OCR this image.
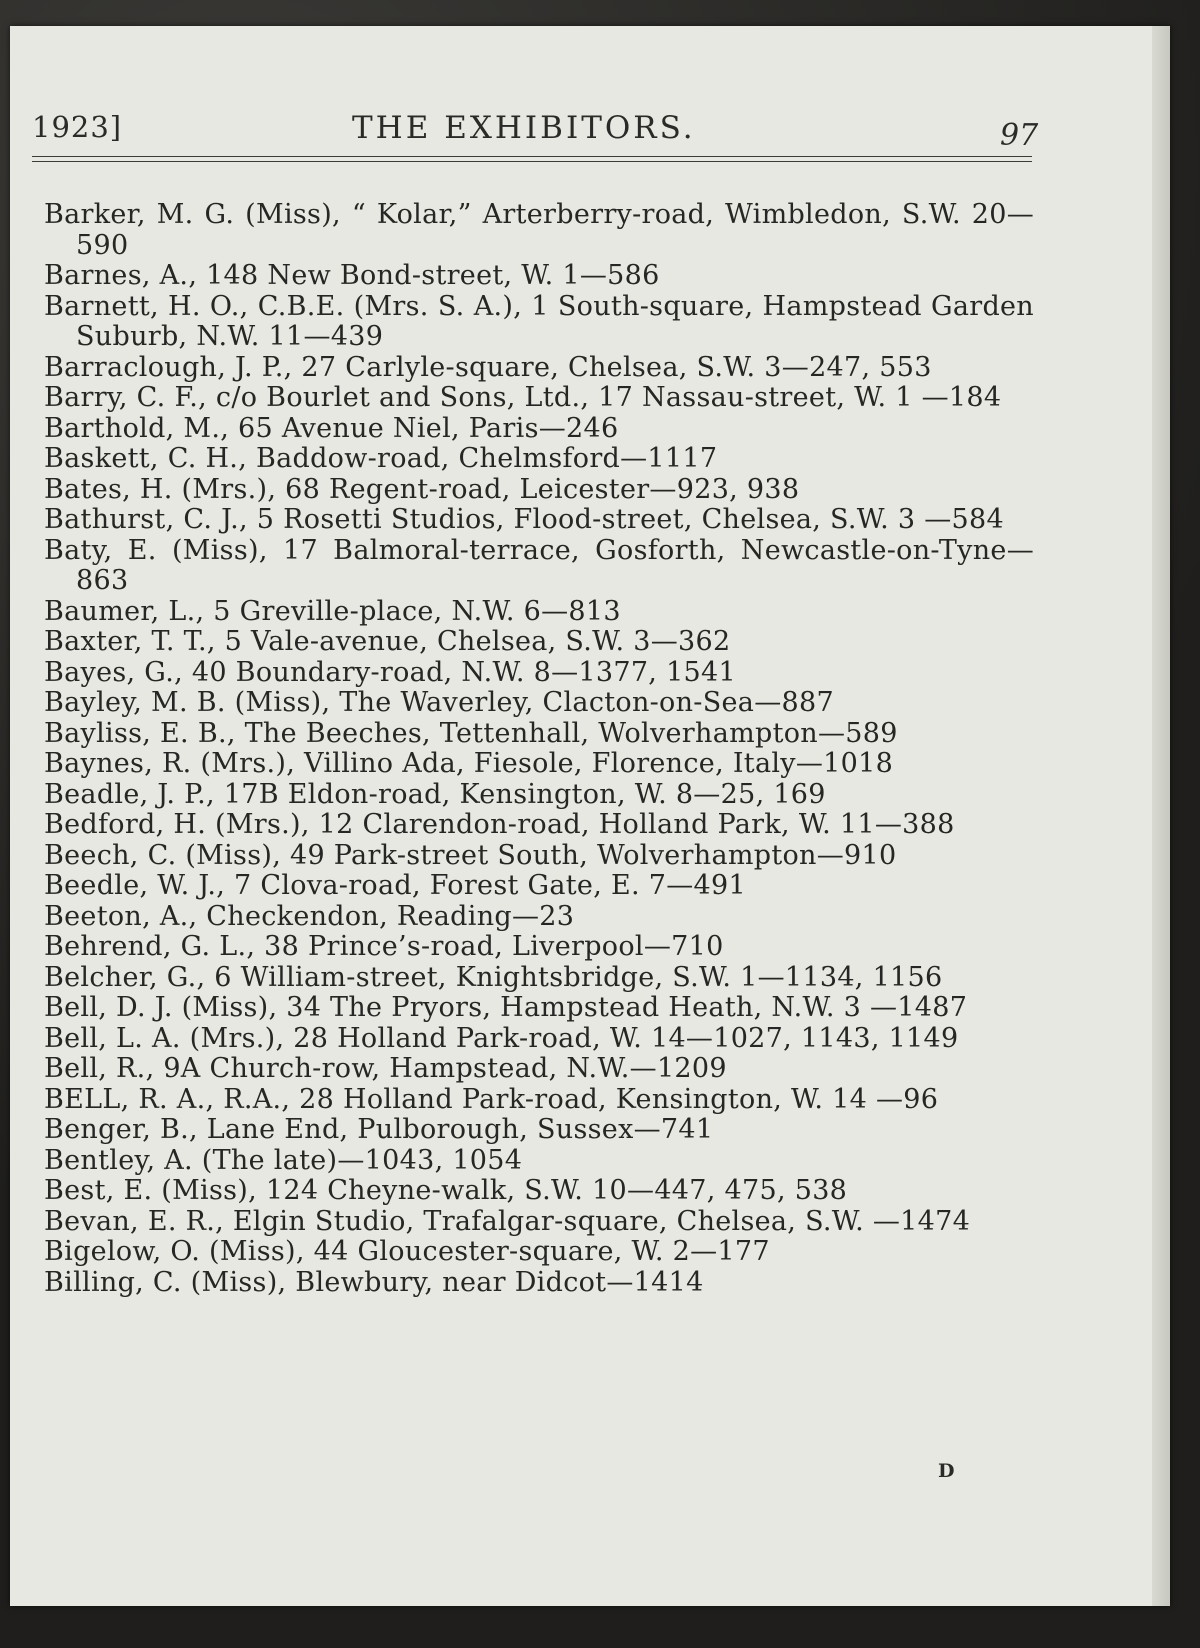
1923]	THE EXHIBITORS.	97

Barker, M. G. (Miss), “ Kolar,” Arterberry-road, Wimbledon, S.W. 20—590

Barnes, A., 148 New Bond-street, W. 1—586

Barnett, H. O., C.B.E. (Mrs. S. A.), 1 South-square, Hampstead Garden Suburb, N.W. 11—439

Barraclough, J. P., 27 Carlyle-square, Chelsea, S.W. 3—247, 553

Barry, C. F., c/o Bourlet and Sons, Ltd., 17 Nassau-street, W. 1 —184

Barthold, M., 65 Avenue Niel, Paris—246

Baskett, C. H., Baddow-road, Chelmsford—1117

Bates, H. (Mrs.), 68 Regent-road, Leicester—923, 938

Bathurst, C. J., 5 Rosetti Studios, Flood-street, Chelsea, S.W. 3 —584

Baty, E. (Miss), 17 Balmoral-terrace, Gosforth, Newcastle-on-Tyne—863

Baumer, L., 5 Greville-place, N.W. 6—813

Baxter, T. T., 5 Vale-avenue, Chelsea, S.W. 3—362

Bayes, G., 40 Boundary-road, N.W. 8—1377, 1541

Bayley, M. B. (Miss), The Waverley, Clacton-on-Sea—887

Bayliss, E. B., The Beeches, Tettenhall, Wolverhampton—589

Baynes, R. (Mrs.), Villino Ada, Fiesole, Florence, Italy—1018

Beadle, J. P., 17B Eldon-road, Kensington, W. 8—25, 169

Bedford, H. (Mrs.), 12 Clarendon-road, Holland Park, W. 11—388

Beech, C. (Miss), 49 Park-street South, Wolverhampton—910

Beedle, W. J., 7 Clova-road, Forest Gate, E. 7—491

Beeton, A., Checkendon, Reading—23

Behrend, G. L., 38 Prince’s-road, Liverpool—710

Belcher, G., 6 William-street, Knightsbridge, S.W. 1—1134, 1156

Bell, D. J. (Miss), 34 The Pryors, Hampstead Heath, N.W. 3 —1487

Bell, L. A. (Mrs.), 28 Holland Park-road, W. 14—1027, 1143, 1149

Bell, R., 9A Church-row, Hampstead, N.W.—1209

BELL, R. A., R.A., 28 Holland Park-road, Kensington, W. 14 —96

Benger, B., Lane End, Pulborough, Sussex—741

Bentley, A. (The late)—1043, 1054

Best, E. (Miss), 124 Cheyne-walk, S.W. 10—447, 475, 538

Bevan, E. R., Elgin Studio, Trafalgar-square, Chelsea, S.W. —1474

Bigelow, O. (Miss), 44 Gloucester-square, W. 2—177

Billing, C. (Miss), Blewbury, near Didcot—1414

D
